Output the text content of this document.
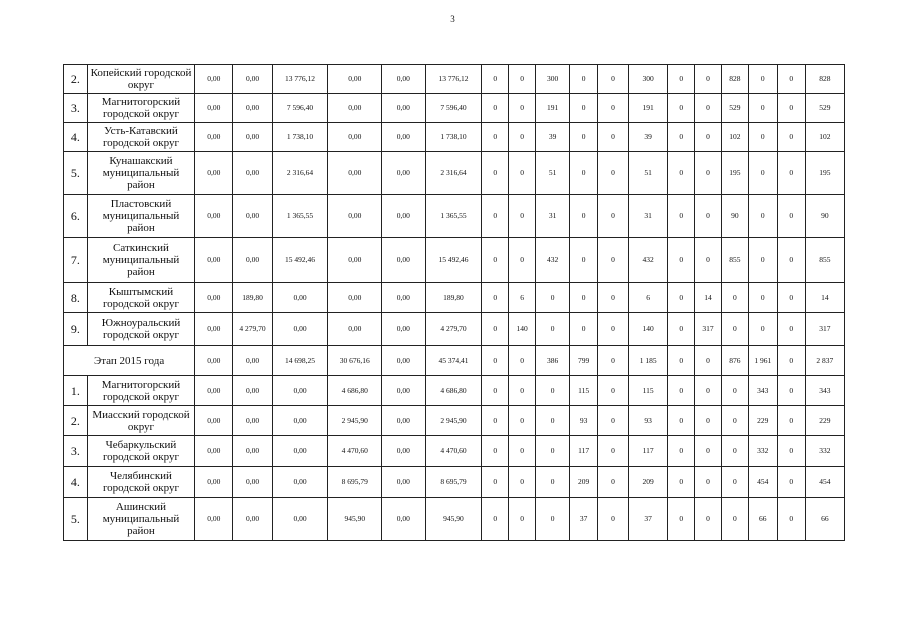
3
2.	Копейский городской округ	0,00	0,00	13 776,12	0,00	0,00	13 776,12	0	0	300	0	0	300	0	0	828	0	0	828
3.	Магнитогорский городской округ	0,00	0,00	7 596,40	0,00	0,00	7 596,40	0	0	191	0	0	191	0	0	529	0	0	529
4.	Усть-Катавский городской округ	0,00	0,00	1 738,10	0,00	0,00	1 738,10	0	0	39	0	0	39	0	0	102	0	0	102
5.	Кунашакский муниципальный район	0,00	0,00	2 316,64	0,00	0,00	2 316,64	0	0	51	0	0	51	0	0	195	0	0	195
6.	Пластовский муниципальный район	0,00	0,00	1 365,55	0,00	0,00	1 365,55	0	0	31	0	0	31	0	0	90	0	0	90
7.	Саткинский муниципальный район	0,00	0,00	15 492,46	0,00	0,00	15 492,46	0	0	432	0	0	432	0	0	855	0	0	855
8.	Кыштымский городской округ	0,00	189,80	0,00	0,00	0,00	189,80	0	6	0	0	0	6	0	14	0	0	0	14
9.	Южноуральский городской округ	0,00	4 279,70	0,00	0,00	0,00	4 279,70	0	140	0	0	0	140	0	317	0	0	0	317
Этап 2015 года		0,00	0,00	14 698,25	30 676,16	0,00	45 374,41	0	0	386	799	0	1 185	0	0	876	1 961	0	2 837
1.	Магнитогорский городской округ	0,00	0,00	0,00	4 686,80	0,00	4 686,80	0	0	0	115	0	115	0	0	0	343	0	343
2.	Миасский городской округ	0,00	0,00	0,00	2 945,90	0,00	2 945,90	0	0	0	93	0	93	0	0	0	229	0	229
3.	Чебаркульский городской округ	0,00	0,00	0,00	4 470,60	0,00	4 470,60	0	0	0	117	0	117	0	0	0	332	0	332
4.	Челябинский городской округ	0,00	0,00	0,00	8 695,79	0,00	8 695,79	0	0	0	209	0	209	0	0	0	454	0	454
5.	Ашинский муниципальный район	0,00	0,00	0,00	945,90	0,00	945,90	0	0	0	37	0	37	0	0	0	66	0	66
